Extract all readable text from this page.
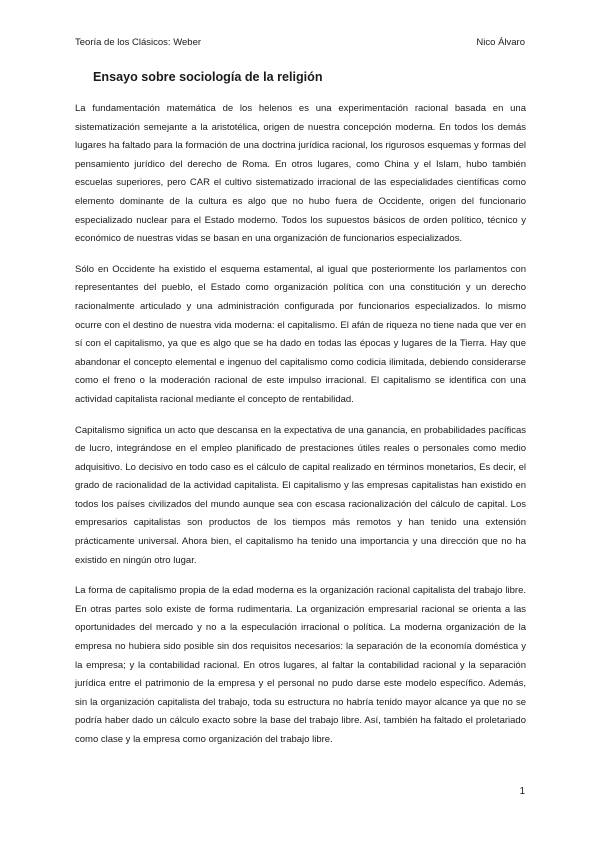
Teoría de los Clásicos: Weber	Nico Álvaro
Ensayo sobre sociología de la religión

La fundamentación matemática de los helenos es una experimentación racional basada en una sistematización semejante a la aristotélica, origen de nuestra concepción moderna. En todos los demás lugares ha faltado para la formación de una doctrina jurídica racional, los rigurosos esquemas y formas del pensamiento jurídico del derecho de Roma. En otros lugares, como China y el Islam, hubo también escuelas superiores, pero CAR el cultivo sistematizado irracional de las especialidades científicas como elemento dominante de la cultura es algo que no hubo fuera de Occidente, origen del funcionario especializado nuclear para el Estado moderno. Todos los supuestos básicos de orden político, técnico y económico de nuestras vidas se basan en una organización de funcionarios especializados.

Sólo en Occidente ha existido el esquema estamental, al igual que posteriormente los parlamentos con representantes del pueblo, el Estado como organización política con una constitución y un derecho racionalmente articulado y una administración configurada por funcionarios especializados. lo mismo ocurre con el destino de nuestra vida moderna: el capitalismo. El afán de riqueza no tiene nada que ver en sí con el capitalismo, ya que es algo que se ha dado en todas las épocas y lugares de la Tierra. Hay que abandonar el concepto elemental e ingenuo del capitalismo como codicia ilimitada, debiendo considerarse como el freno o la moderación racional de este impulso irracional. El capitalismo se identifica con una actividad capitalista racional mediante el concepto de rentabilidad.

Capitalismo significa un acto que descansa en la expectativa de una ganancia, en probabilidades pacíficas de lucro, integrándose en el empleo planificado de prestaciones útiles reales o personales como medio adquisitivo. Lo decisivo en todo caso es el cálculo de capital realizado en términos monetarios, Es decir, el grado de racionalidad de la actividad capitalista. El capitalismo y las empresas capitalistas han existido en todos los países civilizados del mundo aunque sea con escasa racionalización del cálculo de capital. Los empresarios capitalistas son productos de los tiempos más remotos y han tenido una extensión prácticamente universal. Ahora bien, el capitalismo ha tenido una importancia y una dirección que no ha existido en ningún otro lugar.

La forma de capitalismo propia de la edad moderna es la organización racional capitalista del trabajo libre. En otras partes solo existe de forma rudimentaria. La organización empresarial racional se orienta a las oportunidades del mercado y no a la especulación irracional o política. La moderna organización de la empresa no hubiera sido posible sin dos requisitos necesarios: la separación de la economía doméstica y la empresa; y la contabilidad racional. En otros lugares, al faltar la contabilidad racional y la separación jurídica entre el patrimonio de la empresa y el personal no pudo darse este modelo específico. Además, sin la organización capitalista del trabajo, toda su estructura no habría tenido mayor alcance ya que no se podría haber dado un cálculo exacto sobre la base del trabajo libre. Así, también ha faltado el proletariado como clase y la empresa como organización del trabajo libre.

1
